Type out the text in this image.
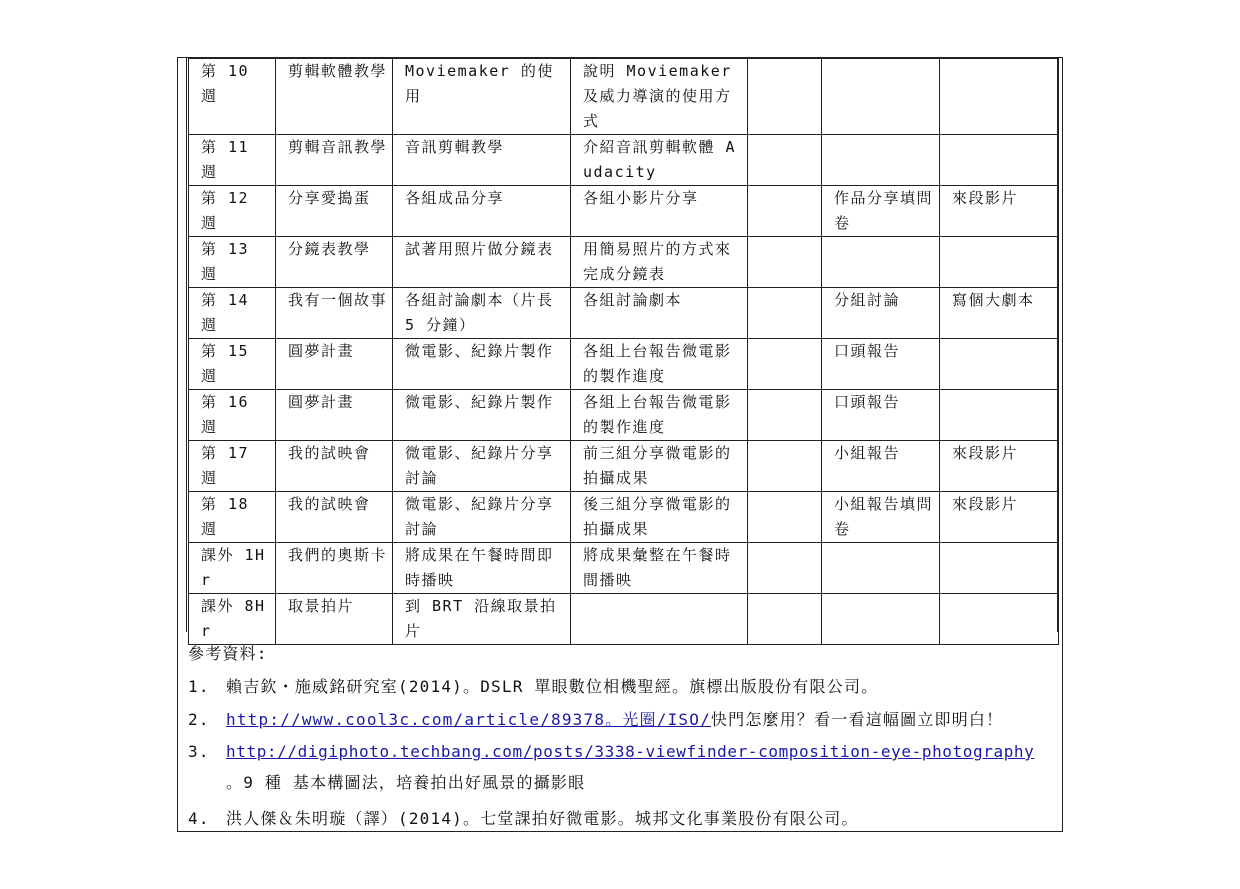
第 10 週	剪輯軟體教學	Moviemaker 的使用	說明 Moviemaker 及威力導演的使用方式			
第 11 週	剪輯音訊教學	音訊剪輯教學	介紹音訊剪輯軟體 Audacity			
第 12 週	分享愛搗蛋	各組成品分享	各組小影片分享		作品分享填問卷	來段影片
第 13 週	分鏡表教學	試著用照片做分鏡表	用簡易照片的方式來完成分鏡表			
第 14 週	我有一個故事	各組討論劇本（片長 5 分鐘）	各組討論劇本		分組討論	寫個大劇本
第 15 週	圓夢計畫	微電影、紀錄片製作	各組上台報告微電影的製作進度		口頭報告	
第 16 週	圓夢計畫	微電影、紀錄片製作	各組上台報告微電影的製作進度		口頭報告	
第 17 週	我的試映會	微電影、紀錄片分享討論	前三組分享微電影的拍攝成果		小組報告	來段影片
第 18 週	我的試映會	微電影、紀錄片分享討論	後三組分享微電影的拍攝成果		小組報告填問卷	來段影片
課外 1Hr	我們的奧斯卡	將成果在午餐時間即時播映	將成果彙整在午餐時間播映			
課外 8Hr	取景拍片	到 BRT 沿線取景拍片				
參考資料:
1.	賴吉欽・施威銘研究室(2014)。DSLR 單眼數位相機聖經。旗標出版股份有限公司。
2.	http://www.cool3c.com/article/89378。光圈/ISO/快門怎麼用？看一看這幅圖立即明白！
3.	http://digiphoto.techbang.com/posts/3338-viewfinder-composition-eye-photography
。9 種 基本構圖法，培養拍出好風景的攝影眼
4.	洪人傑＆朱明璇（譯）(2014)。七堂課拍好微電影。城邦文化事業股份有限公司。
